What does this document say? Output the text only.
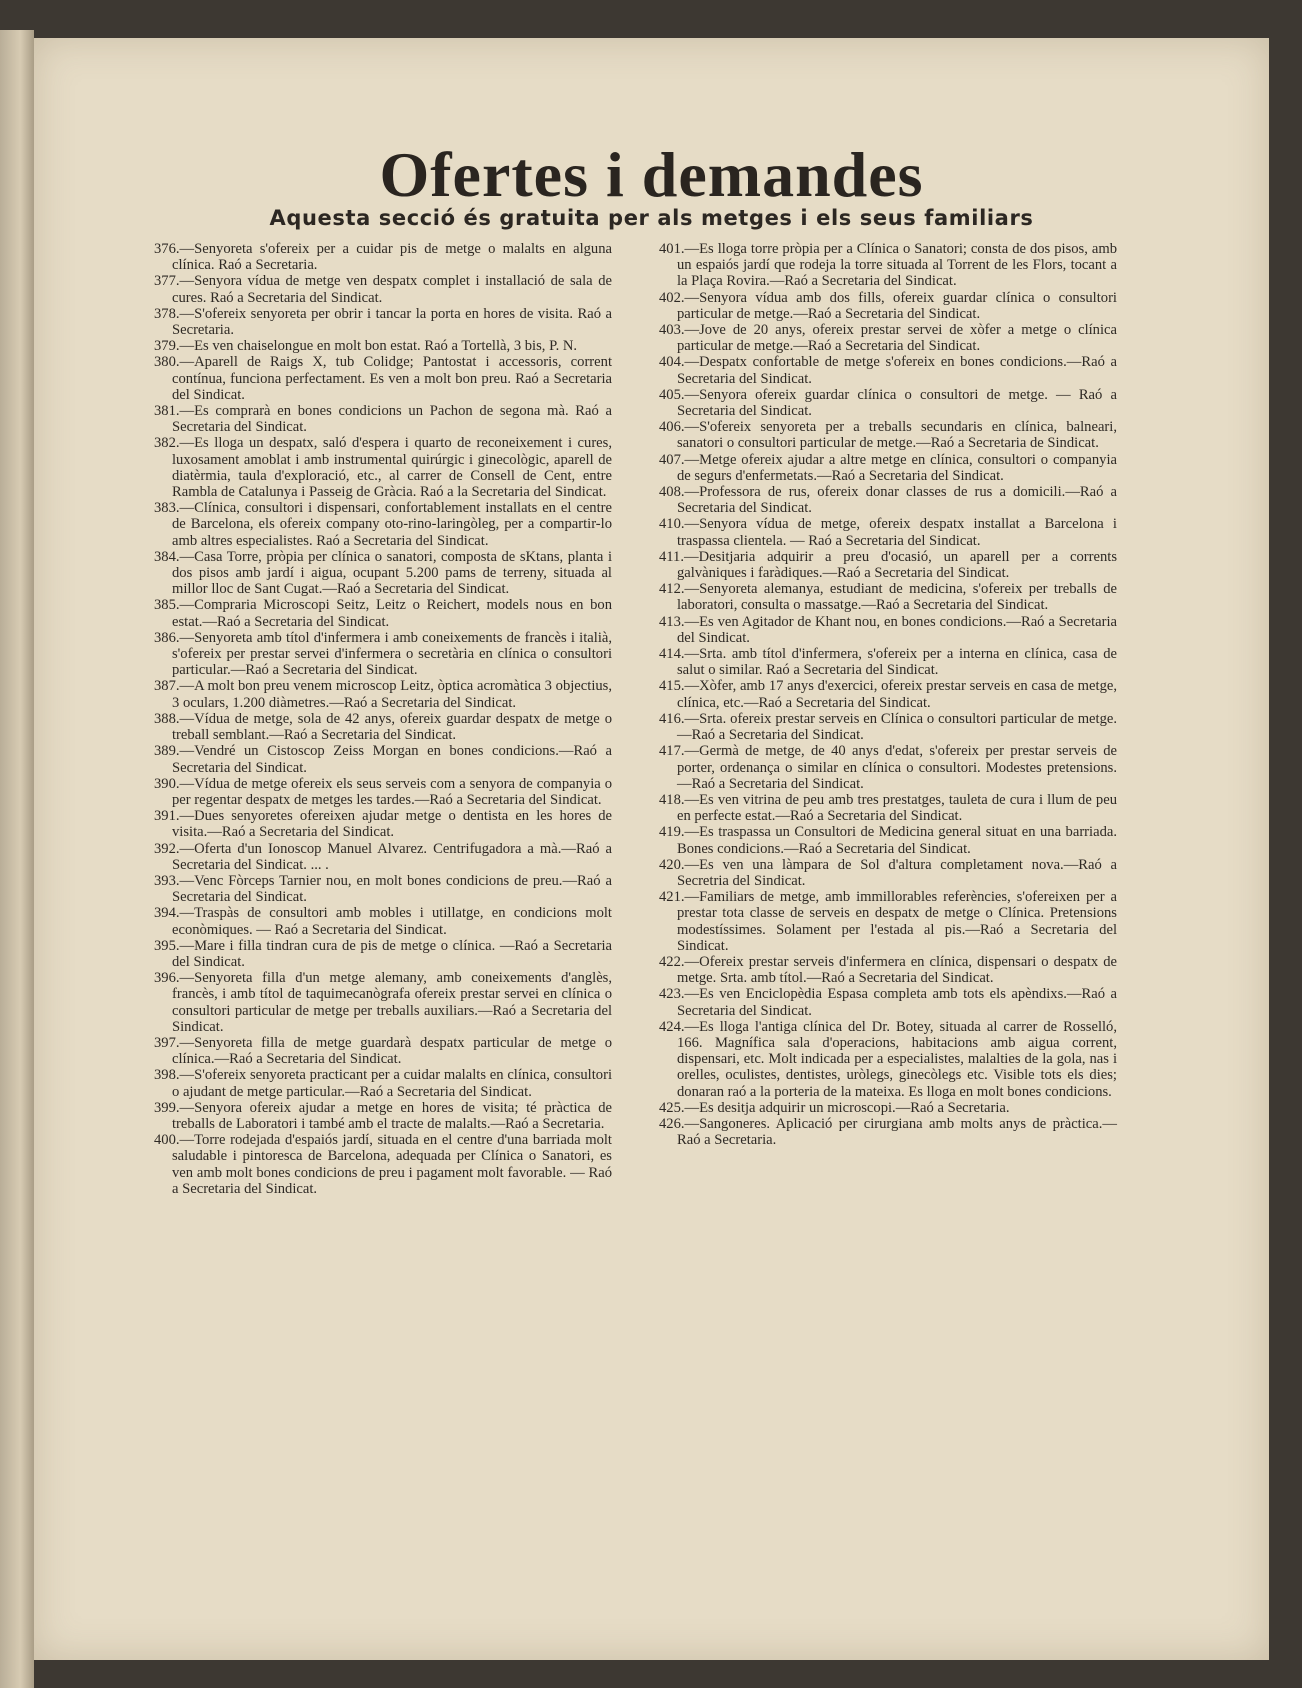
Ofertes i demandes
Aquesta secció és gratuita per als metges i els seus familiars

376.—Senyoreta s'ofereix per a cuidar pis de metge o malalts en alguna clínica. Raó a Secretaria.

377.—Senyora vídua de metge ven despatx complet i installació de sala de cures. Raó a Secretaria del Sindicat.

378.—S'ofereix senyoreta per obrir i tancar la porta en hores de visita. Raó a Secretaria.

379.—Es ven chaiselongue en molt bon estat. Raó a Tortellà, 3 bis, P. N.

380.—Aparell de Raigs X, tub Colidge; Pantostat i accessoris, corrent contínua, funciona perfectament. Es ven a molt bon preu. Raó a Secretaria del Sindicat.

381.—Es comprarà en bones condicions un Pachon de segona mà. Raó a Secretaria del Sindicat.

382.—Es lloga un despatx, saló d'espera i quarto de reconeixement i cures, luxosament amoblat i amb instrumental quirúrgic i ginecològic, aparell de diatèrmia, taula d'exploració, etc., al carrer de Consell de Cent, entre Rambla de Catalunya i Passeig de Gràcia. Raó a la Secretaria del Sindicat.

383.—Clínica, consultori i dispensari, confortablement installats en el centre de Barcelona, els ofereix company oto-rino-laringòleg, per a compartir-lo amb altres especialistes. Raó a Secretaria del Sindicat.

384.—Casa Torre, pròpia per clínica o sanatori, composta de sKtans, planta i dos pisos amb jardí i aigua, ocupant 5.200 pams de terreny, situada al millor lloc de Sant Cugat.—Raó a Secretaria del Sindicat.

385.—Compraria Microscopi Seitz, Leitz o Reichert, models nous en bon estat.—Raó a Secretaria del Sindicat.

386.—Senyoreta amb títol d'infermera i amb coneixements de francès i italià, s'ofereix per prestar servei d'infermera o secretària en clínica o consultori particular.—Raó a Secretaria del Sindicat.

387.—A molt bon preu venem microscop Leitz, òptica acromàtica 3 objectius, 3 oculars, 1.200 diàmetres.—Raó a Secretaria del Sindicat.

388.—Vídua de metge, sola de 42 anys, ofereix guardar despatx de metge o treball semblant.—Raó a Secretaria del Sindicat.

389.—Vendré un Cistoscop Zeiss Morgan en bones condicions.—Raó a Secretaria del Sindicat.

390.—Vídua de metge ofereix els seus serveis com a senyora de companyia o per regentar despatx de metges les tardes.—Raó a Secretaria del Sindicat.

391.—Dues senyoretes ofereixen ajudar metge o dentista en les hores de visita.—Raó a Secretaria del Sindicat.

392.—Oferta d'un Ionoscop Manuel Alvarez. Centrifugadora a mà.—Raó a Secretaria del Sindicat. ... .

393.—Venc Fòrceps Tarnier nou, en molt bones condicions de preu.—Raó a Secretaria del Sindicat.

394.—Traspàs de consultori amb mobles i utillatge, en condicions molt econòmiques. — Raó a Secretaria del Sindicat.

395.—Mare i filla tindran cura de pis de metge o clínica. —Raó a Secretaria del Sindicat.

396.—Senyoreta filla d'un metge alemany, amb coneixements d'anglès, francès, i amb títol de taquimecanògrafa ofereix prestar servei en clínica o consultori particular de metge per treballs auxiliars.—Raó a Secretaria del Sindicat.

397.—Senyoreta filla de metge guardarà despatx particular de metge o clínica.—Raó a Secretaria del Sindicat.

398.—S'ofereix senyoreta practicant per a cuidar malalts en clínica, consultori o ajudant de metge particular.—Raó a Secretaria del Sindicat.

399.—Senyora ofereix ajudar a metge en hores de visita; té pràctica de treballs de Laboratori i també amb el tracte de malalts.—Raó a Secretaria.

400.—Torre rodejada d'espaiós jardí, situada en el centre d'una barriada molt saludable i pintoresca de Barcelona, adequada per Clínica o Sanatori, es ven amb molt bones condicions de preu i pagament molt favorable. — Raó a Secretaria del Sindicat.

401.—Es lloga torre pròpia per a Clínica o Sanatori; consta de dos pisos, amb un espaiós jardí que rodeja la torre situada al Torrent de les Flors, tocant a la Plaça Rovira.—Raó a Secretaria del Sindicat.

402.—Senyora vídua amb dos fills, ofereix guardar clínica o consultori particular de metge.—Raó a Secretaria del Sindicat.

403.—Jove de 20 anys, ofereix prestar servei de xòfer a metge o clínica particular de metge.—Raó a Secretaria del Sindicat.

404.—Despatx confortable de metge s'ofereix en bones condicions.—Raó a Secretaria del Sindicat.

405.—Senyora ofereix guardar clínica o consultori de metge. — Raó a Secretaria del Sindicat.

406.—S'ofereix senyoreta per a treballs secundaris en clínica, balneari, sanatori o consultori particular de metge.—Raó a Secretaria de Sindicat.

407.—Metge ofereix ajudar a altre metge en clínica, consultori o companyia de segurs d'enfermetats.—Raó a Secretaria del Sindicat.

408.—Professora de rus, ofereix donar classes de rus a domicili.—Raó a Secretaria del Sindicat.

410.—Senyora vídua de metge, ofereix despatx installat a Barcelona i traspassa clientela. — Raó a Secretaria del Sindicat.

411.—Desitjaria adquirir a preu d'ocasió, un aparell per a corrents galvàniques i faràdiques.—Raó a Secretaria del Sindicat.

412.—Senyoreta alemanya, estudiant de medicina, s'ofereix per treballs de laboratori, consulta o massatge.—Raó a Secretaria del Sindicat.

413.—Es ven Agitador de Khant nou, en bones condicions.—Raó a Secretaria del Sindicat.

414.—Srta. amb títol d'infermera, s'ofereix per a interna en clínica, casa de salut o similar. Raó a Secretaria del Sindicat.

415.—Xòfer, amb 17 anys d'exercici, ofereix prestar serveis en casa de metge, clínica, etc.—Raó a Secretaria del Sindicat.

416.—Srta. ofereix prestar serveis en Clínica o consultori particular de metge.—Raó a Secretaria del Sindicat.

417.—Germà de metge, de 40 anys d'edat, s'ofereix per prestar serveis de porter, ordenança o similar en clínica o consultori. Modestes pretensions.—Raó a Secretaria del Sindicat.

418.—Es ven vitrina de peu amb tres prestatges, tauleta de cura i llum de peu en perfecte estat.—Raó a Secretaria del Sindicat.

419.—Es traspassa un Consultori de Medicina general situat en una barriada. Bones condicions.—Raó a Secretaria del Sindicat.

420.—Es ven una làmpara de Sol d'altura completament nova.—Raó a Secretria del Sindicat.

421.—Familiars de metge, amb immillorables referències, s'ofereixen per a prestar tota classe de serveis en despatx de metge o Clínica. Pretensions modestíssimes. Solament per l'estada al pis.—Raó a Secretaria del Sindicat.

422.—Ofereix prestar serveis d'infermera en clínica, dispensari o despatx de metge. Srta. amb títol.—Raó a Secretaria del Sindicat.

423.—Es ven Enciclopèdia Espasa completa amb tots els apèndixs.—Raó a Secretaria del Sindicat.

424.—Es lloga l'antiga clínica del Dr. Botey, situada al carrer de Rosselló, 166. Magnífica sala d'operacions, habitacions amb aigua corrent, dispensari, etc. Molt indicada per a especialistes, malalties de la gola, nas i orelles, oculistes, dentistes, uròlegs, ginecòlegs etc. Visible tots els dies; donaran raó a la porteria de la mateixa. Es lloga en molt bones condicions.

425.—Es desitja adquirir un microscopi.—Raó a Secretaria.

426.—Sangoneres. Aplicació per cirurgiana amb molts anys de pràctica.—Raó a Secretaria.
